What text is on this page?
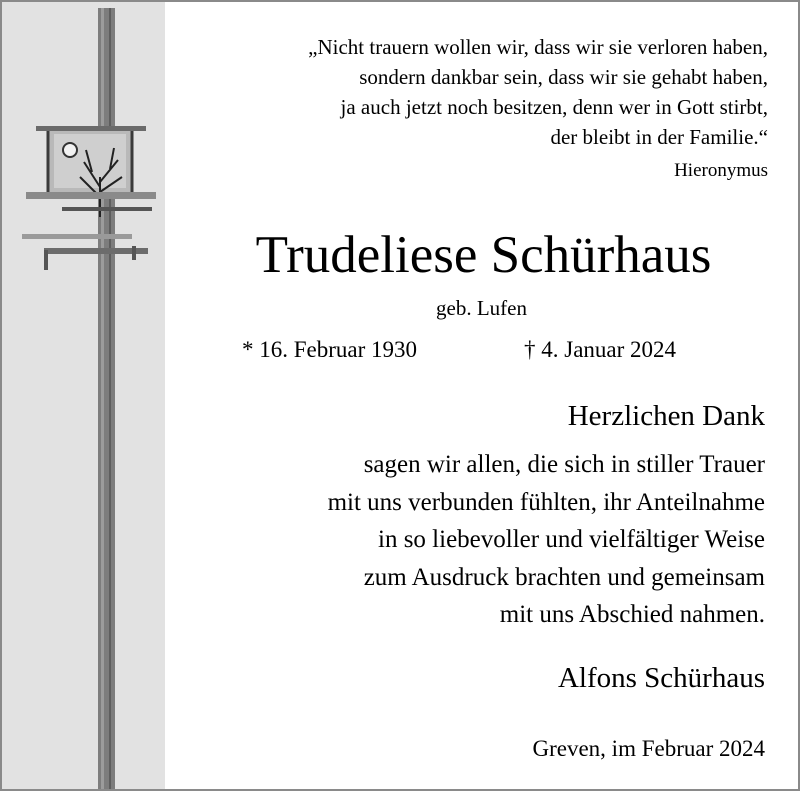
„Nicht trauern wollen wir, dass wir sie verloren haben,
sondern dankbar sein, dass wir sie gehabt haben,
ja auch jetzt noch besitzen, denn wer in Gott stirbt,
der bleibt in der Familie.“
Hieronymus
Trudeliese Schürhaus
geb. Lufen
* 16. Februar 1930	† 4. Januar 2024
Herzlichen Dank
sagen wir allen, die sich in stiller Trauer
mit uns verbunden fühlten, ihr Anteilnahme
in so liebevoller und vielfältiger Weise
zum Ausdruck brachten und gemeinsam
mit uns Abschied nahmen.
Alfons Schürhaus
Greven, im Februar 2024
